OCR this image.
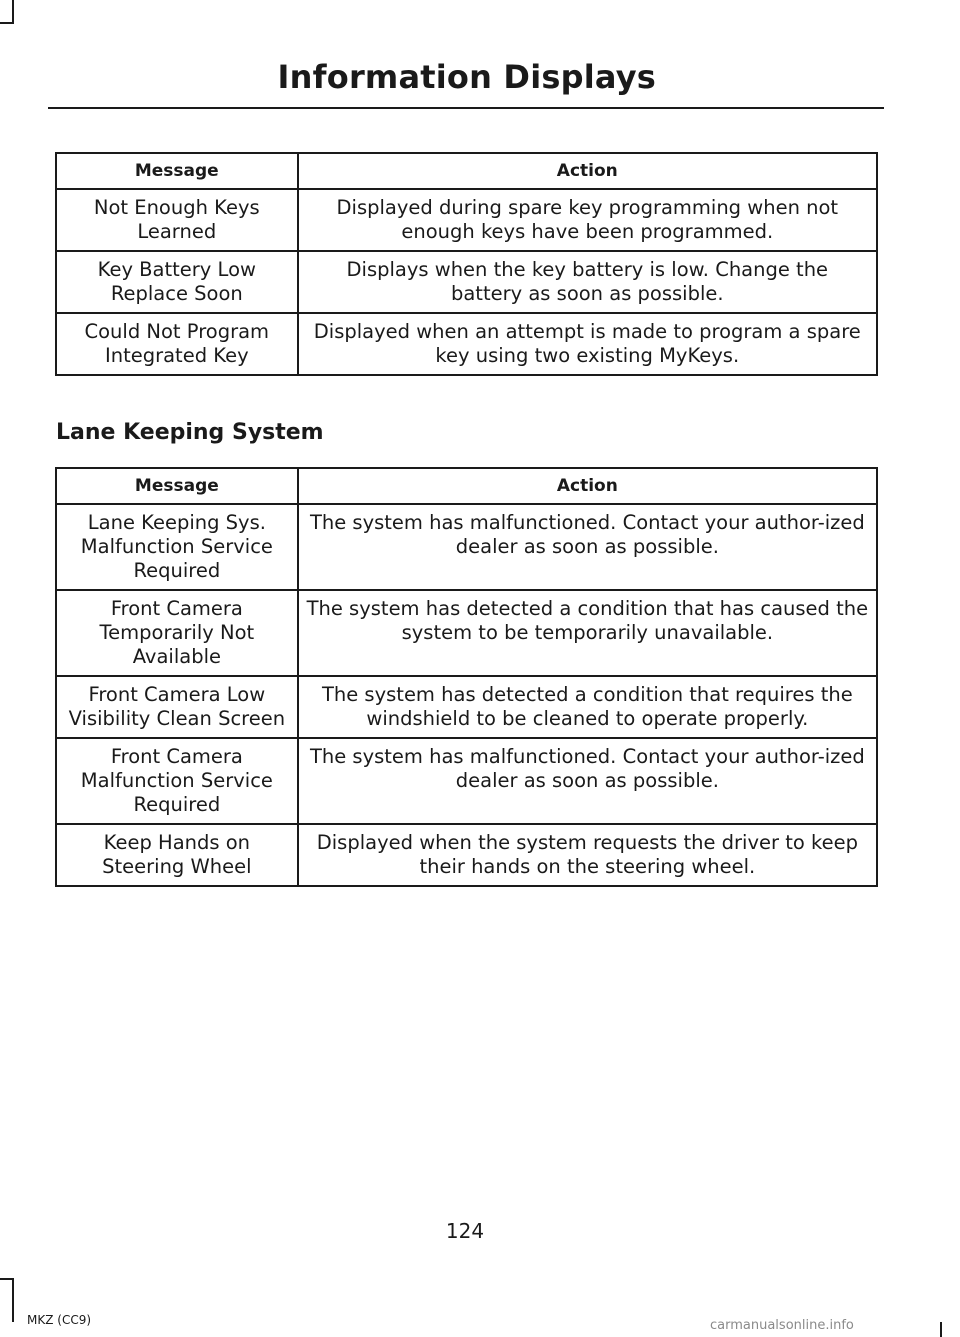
Information Displays
Message	Action
Not Enough Keys Learned	Displayed during spare key programming when not enough keys have been programmed.
Key Battery Low Replace Soon	Displays when the key battery is low. Change the battery as soon as possible.
Could Not Program Integrated Key	Displayed when an attempt is made to program a spare key using two existing MyKeys.
Lane Keeping System
Message	Action
Lane Keeping Sys. Malfunction Service Required	The system has malfunctioned. Contact your author-ized dealer as soon as possible.
Front Camera Temporarily Not Available	The system has detected a condition that has caused the system to be temporarily unavailable.
Front Camera Low Visibility Clean Screen	The system has detected a condition that requires the windshield to be cleaned to operate properly.
Front Camera Malfunction Service Required	The system has malfunctioned. Contact your author-ized dealer as soon as possible.
Keep Hands on Steering Wheel	Displayed when the system requests the driver to keep their hands on the steering wheel.
124
MKZ (CC9)	carmanualsonline.info
